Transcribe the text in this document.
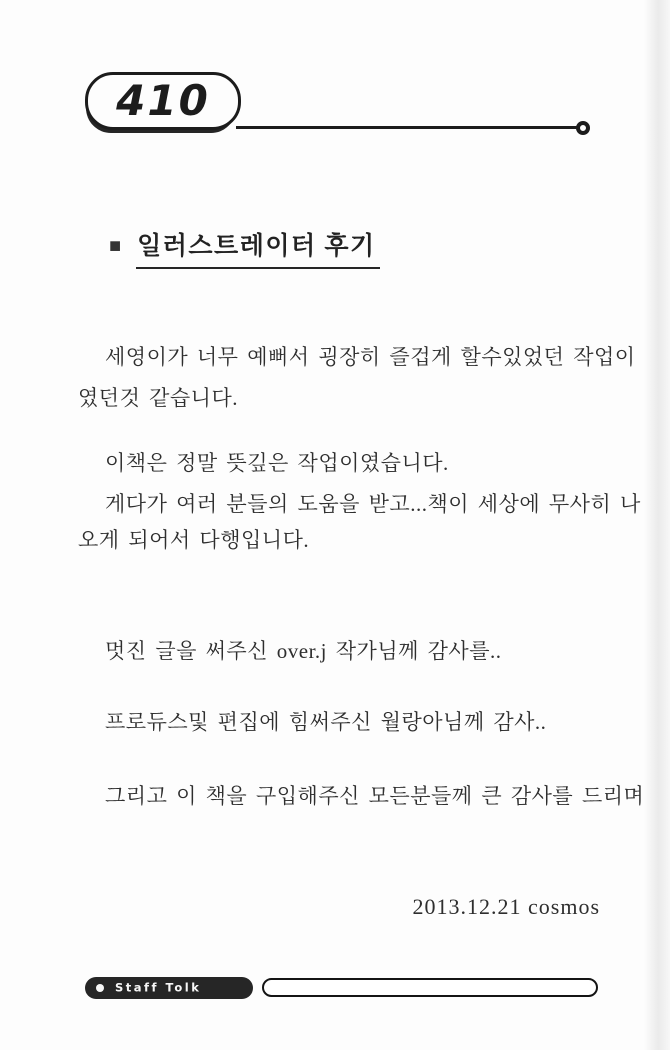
410
■ 일러스트레이터 후기
세영이가 너무 예뻐서 굉장히 즐겁게 할수있었던 작업이
였던것 같습니다.
이책은 정말 뜻깊은 작업이였습니다.
게다가 여러 분들의 도움을 받고...책이 세상에 무사히 나
오게 되어서 다행입니다.
멋진 글을 써주신 over.j 작가님께 감사를..
프로듀스및 편집에 힘써주신 월랑아님께 감사..
그리고 이 책을 구입해주신 모든분들께 큰 감사를 드리며
2013.12.21 cosmos
Staff Tolk
